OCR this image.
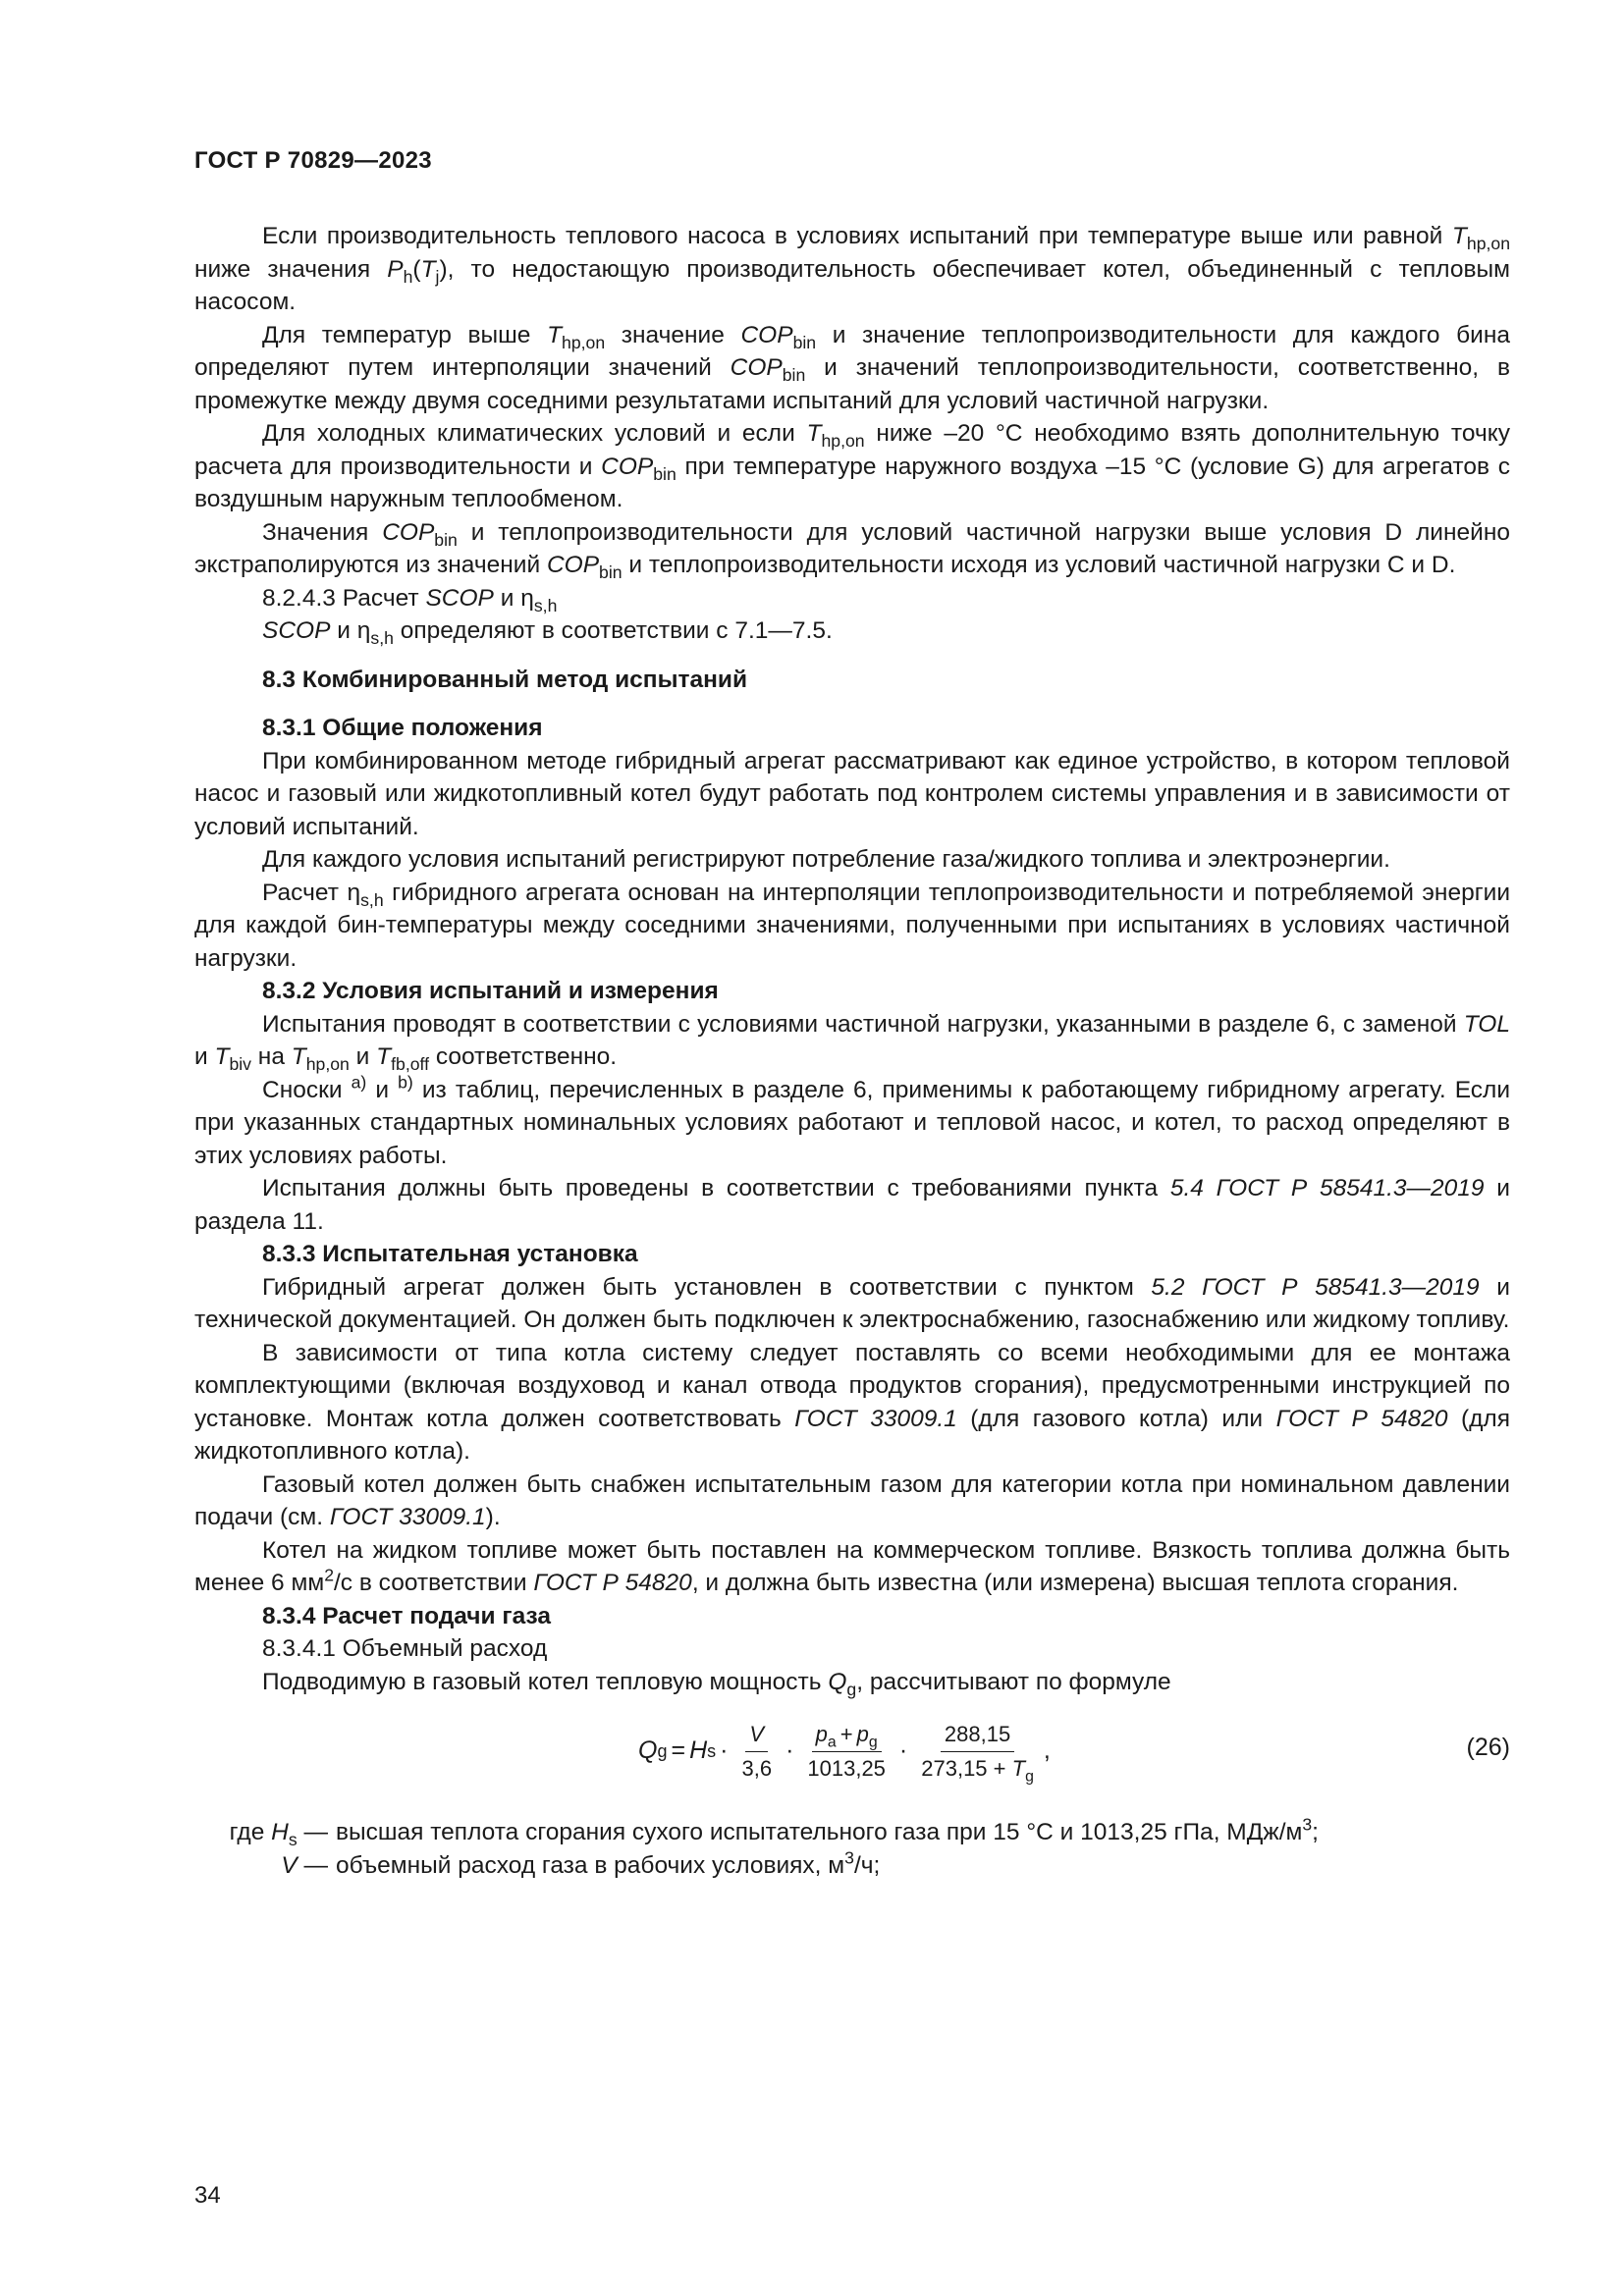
ГОСТ Р 70829—2023

Если производительность теплового насоса в условиях испытаний при температуре выше или равной $T_{hp,on}$ ниже значения $P_h(T_j)$, то недостающую производительность обеспечивает котел, объединенный с тепловым насосом.

Для температур выше $T_{hp,on}$ значение $COP_{bin}$ и значение теплопроизводительности для каждого бина определяют путем интерполяции значений $COP_{bin}$ и значений теплопроизводительности, соответственно, в промежутке между двумя соседними результатами испытаний для условий частичной нагрузки.

Для холодных климатических условий и если $T_{hp,on}$ ниже –20 °С необходимо взять дополнительную точку расчета для производительности и $COP_{bin}$ при температуре наружного воздуха –15 °С (условие G) для агрегатов с воздушным наружным теплообменом.

Значения $COP_{bin}$ и теплопроизводительности для условий частичной нагрузки выше условия D линейно экстраполируются из значений $COP_{bin}$ и теплопроизводительности исходя из условий частичной нагрузки C и D.

8.2.4.3 Расчет SCOP и $\eta_{s,h}$

SCOP и $\eta_{s,h}$ определяют в соответствии с 7.1—7.5.

8.3 Комбинированный метод испытаний

8.3.1 Общие положения

При комбинированном методе гибридный агрегат рассматривают как единое устройство, в котором тепловой насос и газовый или жидкотопливный котел будут работать под контролем системы управления и в зависимости от условий испытаний.

Для каждого условия испытаний регистрируют потребление газа/жидкого топлива и электроэнергии.

Расчет $\eta_{s,h}$ гибридного агрегата основан на интерполяции теплопроизводительности и потребляемой энергии для каждой бин-температуры между соседними значениями, полученными при испытаниях в условиях частичной нагрузки.

8.3.2 Условия испытаний и измерения

Испытания проводят в соответствии с условиями частичной нагрузки, указанными в разделе 6, с заменой TOL и $T_{biv}$ на $T_{hp,on}$ и $T_{fb,off}$ соответственно.

Сноски $^{a)}$ и $^{b)}$ из таблиц, перечисленных в разделе 6, применимы к работающему гибридному агрегату. Если при указанных стандартных номинальных условиях работают и тепловой насос, и котел, то расход определяют в этих условиях работы.

Испытания должны быть проведены в соответствии с требованиями пункта 5.4 ГОСТ Р 58541.3—2019 и раздела 11.

8.3.3 Испытательная установка

Гибридный агрегат должен быть установлен в соответствии с пунктом 5.2 ГОСТ Р 58541.3—2019 и технической документацией. Он должен быть подключен к электроснабжению, газоснабжению или жидкому топливу.

В зависимости от типа котла систему следует поставлять со всеми необходимыми для ее монтажа комплектующими (включая воздуховод и канал отвода продуктов сгорания), предусмотренными инструкцией по установке. Монтаж котла должен соответствовать ГОСТ 33009.1 (для газового котла) или ГОСТ Р 54820 (для жидкотопливного котла).

Газовый котел должен быть снабжен испытательным газом для категории котла при номинальном давлении подачи (см. ГОСТ 33009.1).

Котел на жидком топливе может быть поставлен на коммерческом топливе. Вязкость топлива должна быть менее 6 $мм^2/с$ в соответствии ГОСТ Р 54820, и должна быть известна (или измерена) высшая теплота сгорания.

8.3.4 Расчет подачи газа

8.3.4.1 Объемный расход

Подводимую в газовый котел тепловую мощность $Q_g$, рассчитывают по формуле

Q g = H $s \cdot \frac{V}{3,6} \cdot \frac{p_a + p_g}{1013,25} \cdot \frac{288,15}{273,15 + T_g}$ ,	(26)
где $H_s$ — высшая теплота сгорания сухого испытательного газа при 15 °С и 1013,25 гПа, МДж/$м^3$;
V — объемный расход газа в рабочих условиях, $м^3/ч$;
34
